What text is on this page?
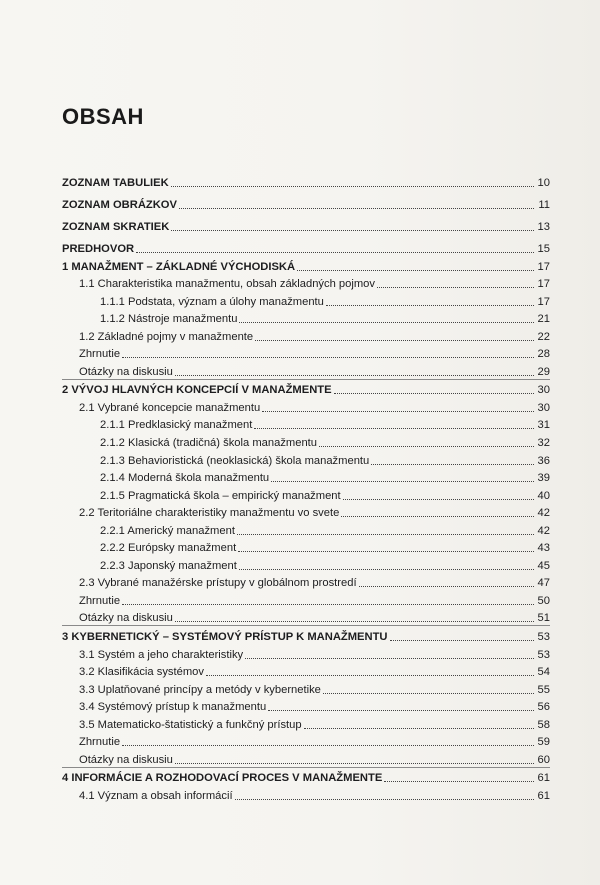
OBSAH
ZOZNAM TABULIEK	10
ZOZNAM OBRÁZKOV	11
ZOZNAM SKRATIEK	13
PREDHOVOR	15
1 MANAŽMENT – ZÁKLADNÉ VÝCHODISKÁ	17
1.1 Charakteristika manažmentu, obsah základných pojmov	17
1.1.1 Podstata, význam a úlohy manažmentu	17
1.1.2 Nástroje manažmentu	21
1.2 Základné pojmy v manažmente	22
Zhrnutie	28
Otázky na diskusiu	29
2 VÝVOJ HLAVNÝCH KONCEPCIÍ V MANAŽMENTE	30
2.1 Vybrané koncepcie manažmentu	30
2.1.1 Predklasický manažment	31
2.1.2 Klasická (tradičná) škola manažmentu	32
2.1.3 Behavioristická (neoklasická) škola manažmentu	36
2.1.4 Moderná škola manažmentu	39
2.1.5 Pragmatická škola – empirický manažment	40
2.2 Teritoriálne charakteristiky manažmentu vo svete	42
2.2.1 Americký manažment	42
2.2.2 Európsky manažment	43
2.2.3 Japonský manažment	45
2.3 Vybrané manažérske prístupy v globálnom prostredí	47
Zhrnutie	50
Otázky na diskusiu	51
3 KYBERNETICKÝ – SYSTÉMOVÝ PRÍSTUP K MANAŽMENTU	53
3.1 Systém a jeho charakteristiky	53
3.2 Klasifikácia systémov	54
3.3 Uplatňované princípy a metódy v kybernetike	55
3.4 Systémový prístup k manažmentu	56
3.5 Matematicko-štatistický a funkčný prístup	58
Zhrnutie	59
Otázky na diskusiu	60
4 INFORMÁCIE A ROZHODOVACÍ PROCES V MANAŽMENTE	61
4.1 Význam a obsah informácií	61
